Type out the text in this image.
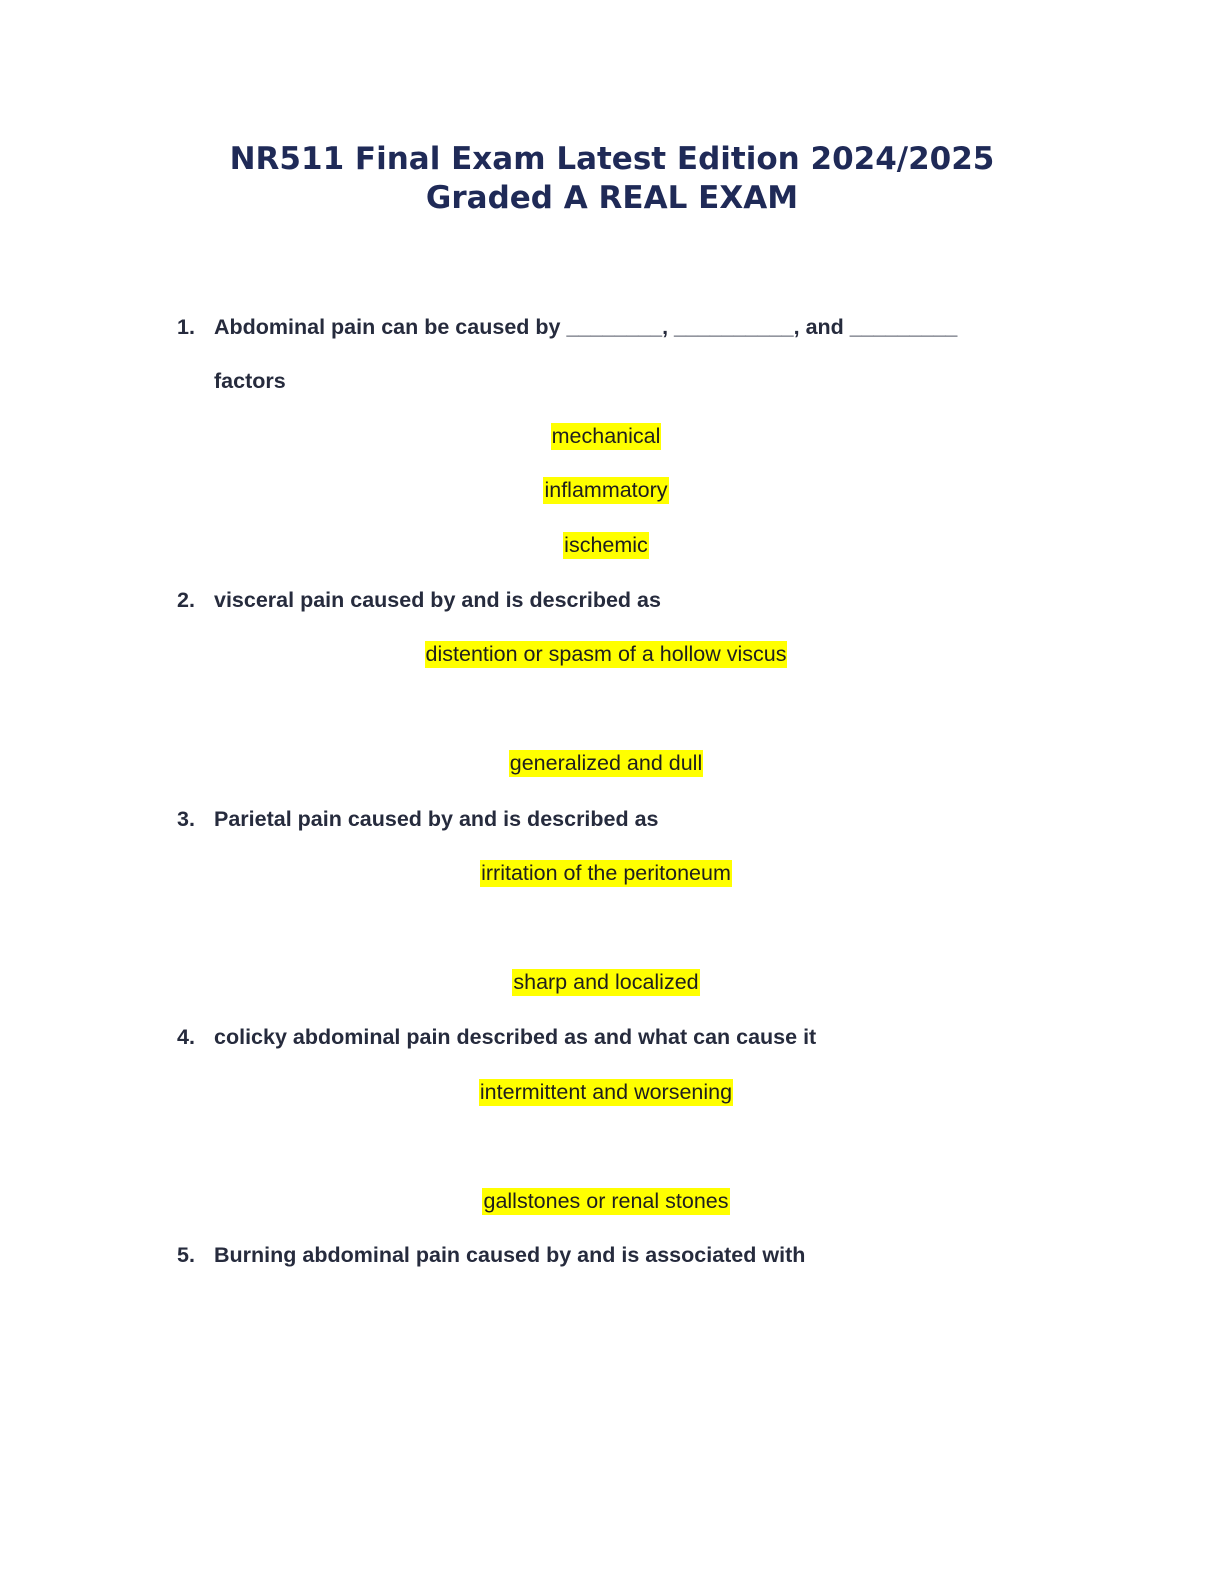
NR511 Final Exam Latest Edition 2024/2025
Graded A REAL EXAM
1. Abdominal pain can be caused by ________, __________, and _________
factors
mechanical
inflammatory
ischemic
2. visceral pain caused by and is described as
distention or spasm of a hollow viscus
generalized and dull
3. Parietal pain caused by and is described as
irritation of the peritoneum
sharp and localized
4. colicky abdominal pain described as and what can cause it
intermittent and worsening
gallstones or renal stones
5. Burning abdominal pain caused by and is associated with
